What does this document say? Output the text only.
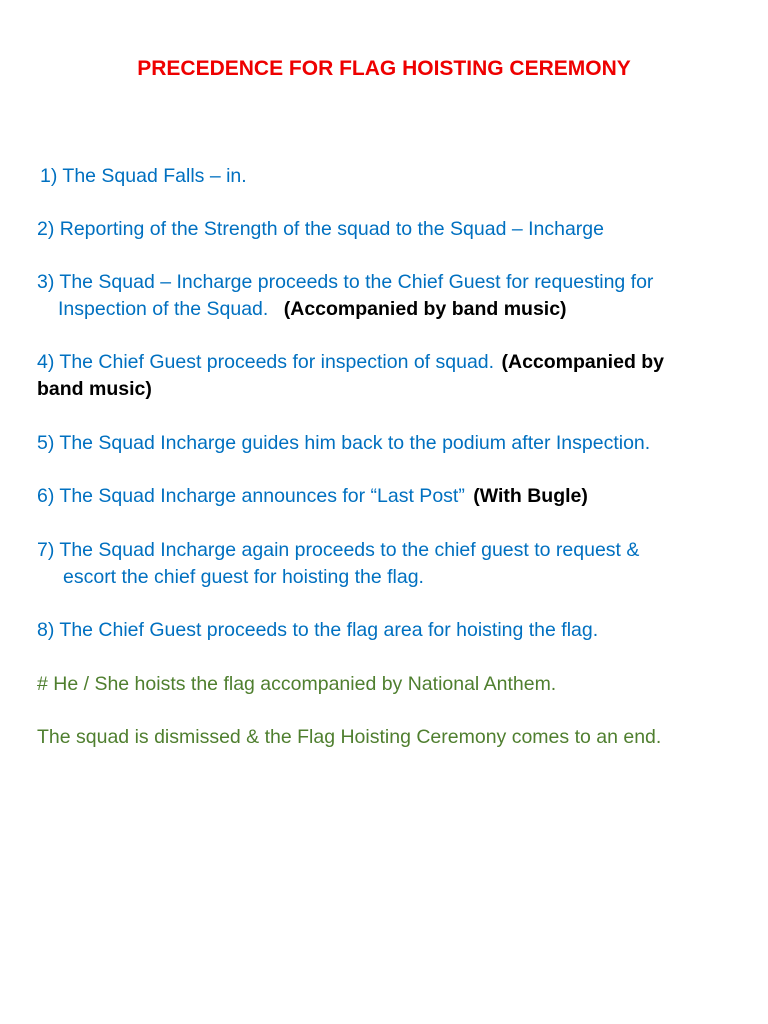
PRECEDENCE FOR FLAG HOISTING CEREMONY
1) The Squad Falls – in.
2) Reporting of the Strength of the squad to the Squad – Incharge
3) The Squad – Incharge proceeds to the Chief Guest for requesting for
Inspection of the Squad. (Accompanied by band music)
4) The Chief Guest proceeds for inspection of squad. (Accompanied by
band music)
5) The Squad Incharge guides him back to the podium after Inspection.
6) The Squad Incharge announces for “Last Post” (With Bugle)
7) The Squad Incharge again proceeds to the chief guest to request &
escort the chief guest for hoisting the flag.
8) The Chief Guest proceeds to the flag area for hoisting the flag.
# He / She hoists the flag accompanied by National Anthem.
The squad is dismissed & the Flag Hoisting Ceremony comes to an end.
